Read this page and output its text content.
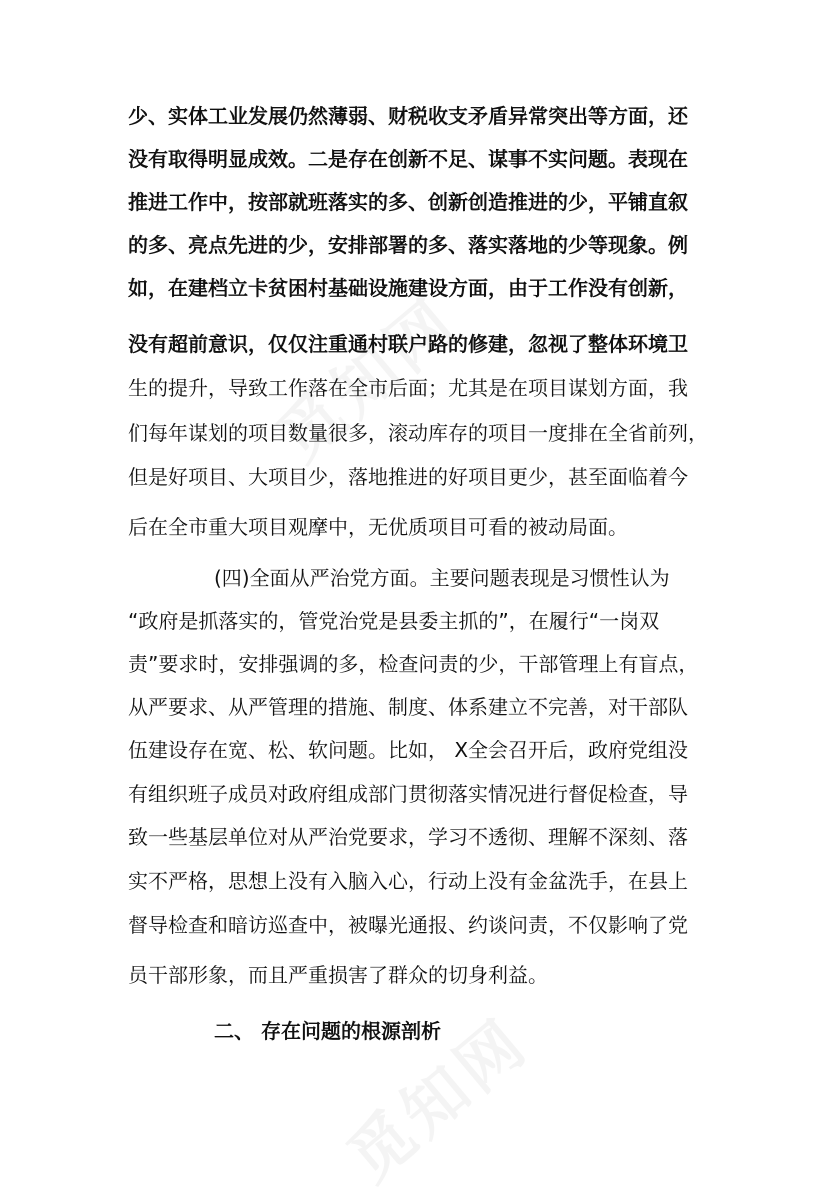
少、实体工业发展仍然薄弱、财税收支矛盾异常突出等方面，还
没有取得明显成效。二是存在创新不足、谋事不实问题。表现在
推进工作中，按部就班落实的多、创新创造推进的少，平铺直叙
的多、亮点先进的少，安排部署的多、落实落地的少等现象。例
如，在建档立卡贫困村基础设施建设方面，由于工作没有创新，
没有超前意识，仅仅注重通村联户路的修建，忽视了整体环境卫
生的提升，导致工作落在全市后面；尤其是在项目谋划方面，我
们每年谋划的项目数量很多，滚动库存的项目一度排在全省前列，
但是好项目、大项目少，落地推进的好项目更少，甚至面临着今
后在全市重大项目观摩中，无优质项目可看的被动局面。
(四)全面从严治党方面。主要问题表现是习惯性认为
“政府是抓落实的，管党治党是县委主抓的”，在履行“一岗双
责”要求时，安排强调的多，检查问责的少，干部管理上有盲点，
从严要求、从严管理的措施、制度、体系建立不完善，对干部队
伍建设存在宽、松、软问题。比如， X全会召开后，政府党组没
有组织班子成员对政府组成部门贯彻落实情况进行督促检查，导
致一些基层单位对从严治党要求，学习不透彻、理解不深刻、落
实不严格，思想上没有入脑入心，行动上没有金盆洗手，在县上
督导检查和暗访巡查中，被曝光通报、约谈问责，不仅影响了党
员干部形象，而且严重损害了群众的切身利益。
二、 存在问题的根源剖析
